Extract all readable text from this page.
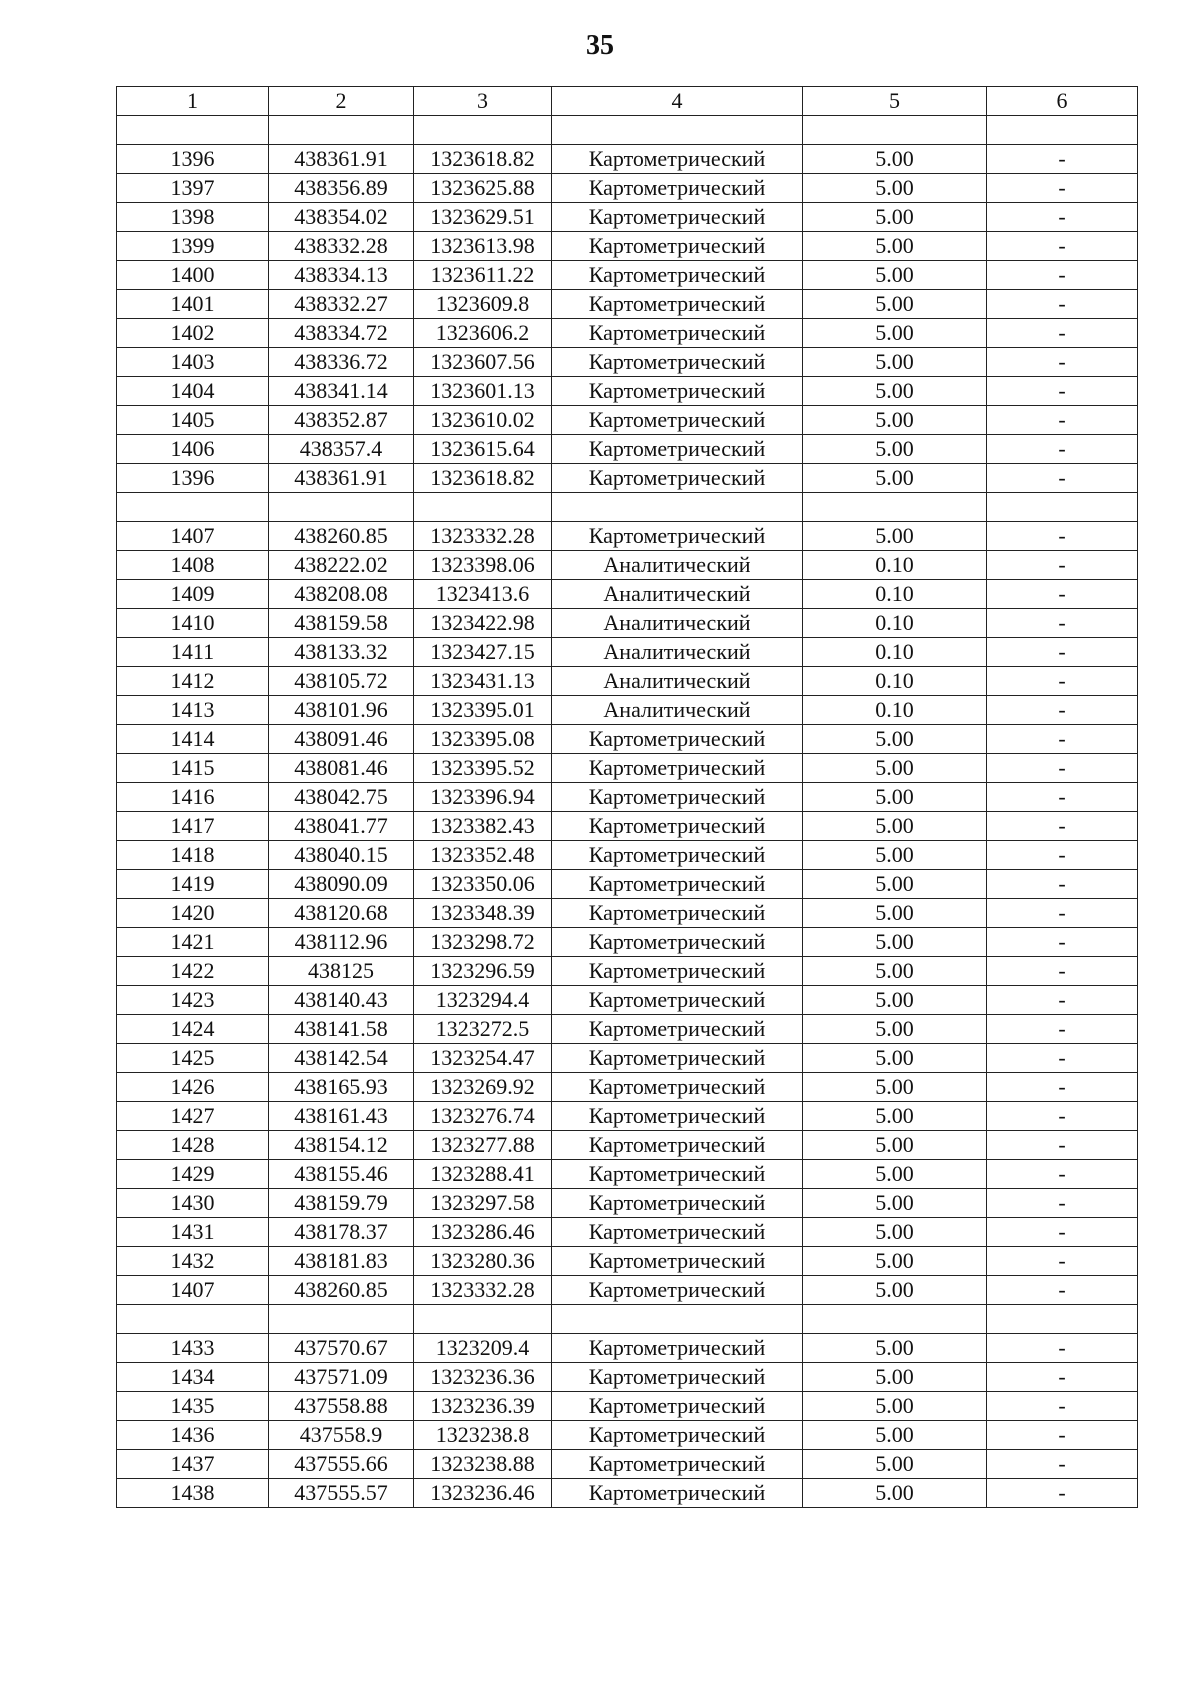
35
1	2	3	4	5	6

1396	438361.91	1323618.82	Картометрический	5.00	-
1397	438356.89	1323625.88	Картометрический	5.00	-
1398	438354.02	1323629.51	Картометрический	5.00	-
1399	438332.28	1323613.98	Картометрический	5.00	-
1400	438334.13	1323611.22	Картометрический	5.00	-
1401	438332.27	1323609.8	Картометрический	5.00	-
1402	438334.72	1323606.2	Картометрический	5.00	-
1403	438336.72	1323607.56	Картометрический	5.00	-
1404	438341.14	1323601.13	Картометрический	5.00	-
1405	438352.87	1323610.02	Картометрический	5.00	-
1406	438357.4	1323615.64	Картометрический	5.00	-
1396	438361.91	1323618.82	Картометрический	5.00	-

1407	438260.85	1323332.28	Картометрический	5.00	-
1408	438222.02	1323398.06	Аналитический	0.10	-
1409	438208.08	1323413.6	Аналитический	0.10	-
1410	438159.58	1323422.98	Аналитический	0.10	-
1411	438133.32	1323427.15	Аналитический	0.10	-
1412	438105.72	1323431.13	Аналитический	0.10	-
1413	438101.96	1323395.01	Аналитический	0.10	-
1414	438091.46	1323395.08	Картометрический	5.00	-
1415	438081.46	1323395.52	Картометрический	5.00	-
1416	438042.75	1323396.94	Картометрический	5.00	-
1417	438041.77	1323382.43	Картометрический	5.00	-
1418	438040.15	1323352.48	Картометрический	5.00	-
1419	438090.09	1323350.06	Картометрический	5.00	-
1420	438120.68	1323348.39	Картометрический	5.00	-
1421	438112.96	1323298.72	Картометрический	5.00	-
1422	438125	1323296.59	Картометрический	5.00	-
1423	438140.43	1323294.4	Картометрический	5.00	-
1424	438141.58	1323272.5	Картометрический	5.00	-
1425	438142.54	1323254.47	Картометрический	5.00	-
1426	438165.93	1323269.92	Картометрический	5.00	-
1427	438161.43	1323276.74	Картометрический	5.00	-
1428	438154.12	1323277.88	Картометрический	5.00	-
1429	438155.46	1323288.41	Картометрический	5.00	-
1430	438159.79	1323297.58	Картометрический	5.00	-
1431	438178.37	1323286.46	Картометрический	5.00	-
1432	438181.83	1323280.36	Картометрический	5.00	-
1407	438260.85	1323332.28	Картометрический	5.00	-

1433	437570.67	1323209.4	Картометрический	5.00	-
1434	437571.09	1323236.36	Картометрический	5.00	-
1435	437558.88	1323236.39	Картометрический	5.00	-
1436	437558.9	1323238.8	Картометрический	5.00	-
1437	437555.66	1323238.88	Картометрический	5.00	-
1438	437555.57	1323236.46	Картометрический	5.00	-
